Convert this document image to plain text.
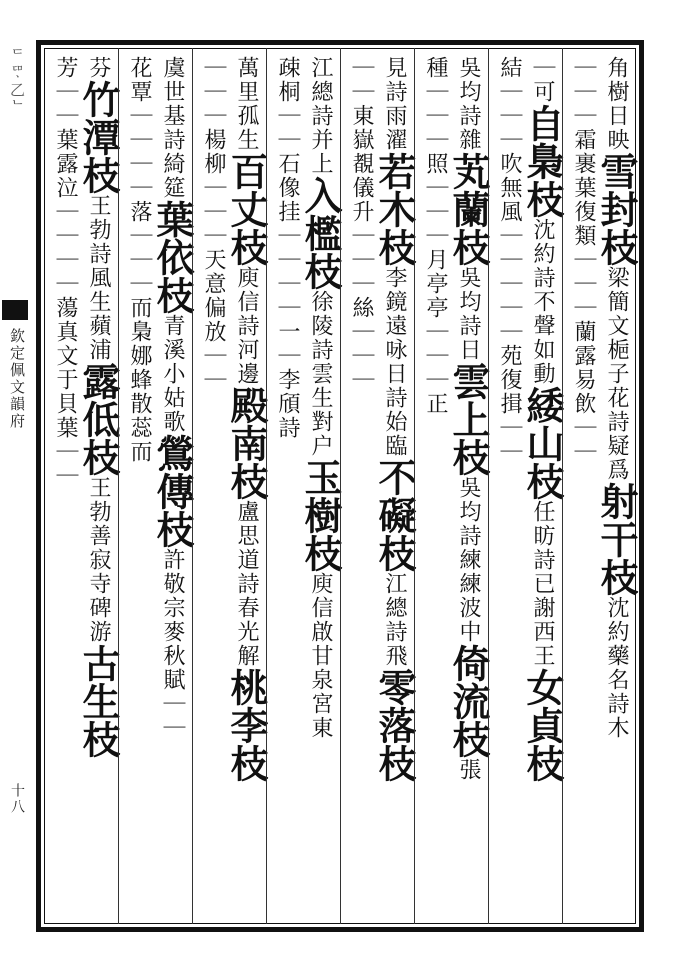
ᄃᄃᄆᆞ乙ᄂ
欽定佩文韻府
十八
角樹日映雪封枝梁簡文梔子花詩疑爲射干枝沈約藥名詩木
｜｜｜霜裹葉復類｜｜｜蘭露易飲｜｜
｜可自梟枝沈約詩不聲如動緌山枝任昉詩已謝西王女貞枝
結｜｜｜吹無風｜｜｜｜｜苑復揖｜｜
吳均詩雜芄蘭枝吳均詩日雲上枝吳均詩練練波中倚流枝張
種｜｜｜照｜｜｜月亭亭｜｜｜正
見詩雨濯若木枝李鏡遠咏日詩始臨不礙枝江總詩飛零落枝
｜｜東嶽覩儀升｜｜｜絲｜｜｜
江總詩并上入檻枝徐陵詩雲生對户玉樹枝庾信啟甘泉宮東
疎桐｜｜石像挂｜｜｜｜一｜李頎詩
萬里孤生百丈枝庾信詩河邊殿南枝盧思道詩春光解桃李枝
｜｜｜楊柳｜｜｜天意偏放｜｜
虞世基詩綺筵葉依枝青溪小姑歌鶯傳枝許敬宗麥秋賦｜｜
花覃｜｜｜｜落｜｜｜而梟娜蜂散蕊而
芬竹潭枝王勃詩風生蘋浦露低枝王勃善寂寺碑游古生枝
芳｜｜葉露泣｜｜｜｜蕩真文于貝葉｜｜
